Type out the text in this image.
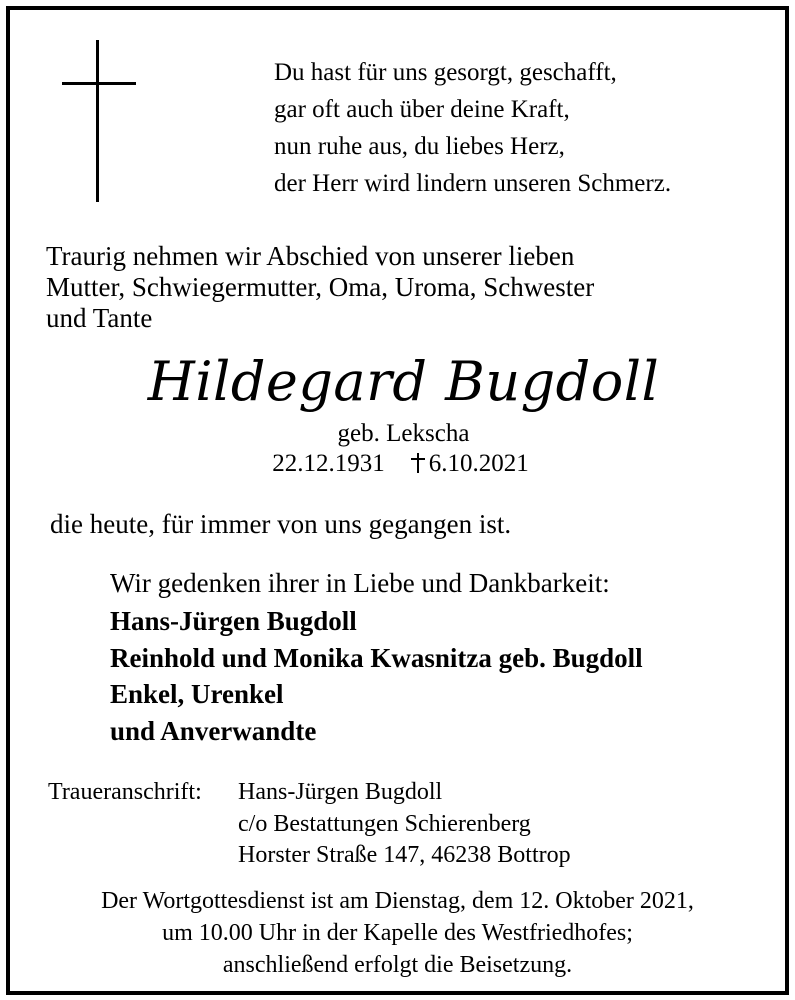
Du hast für uns gesorgt, geschafft,
gar oft auch über deine Kraft,
nun ruhe aus, du liebes Herz,
der Herr wird lindern unseren Schmerz.
Traurig nehmen wir Abschied von unserer lieben
Mutter, Schwiegermutter, Oma, Uroma, Schwester
und Tante
Hildegard Bugdoll
geb. Lekscha
22.12.1931 6.10.2021
die heute, für immer von uns gegangen ist.
Wir gedenken ihrer in Liebe und Dankbarkeit:
Hans-Jürgen Bugdoll
Reinhold und Monika Kwasnitza geb. Bugdoll
Enkel, Urenkel
und Anverwandte
Traueranschrift: Hans-Jürgen Bugdoll
c/o Bestattungen Schierenberg
Horster Straße 147, 46238 Bottrop
Der Wortgottesdienst ist am Dienstag, dem 12. Oktober 2021,
um 10.00 Uhr in der Kapelle des Westfriedhofes;
anschließend erfolgt die Beisetzung.
